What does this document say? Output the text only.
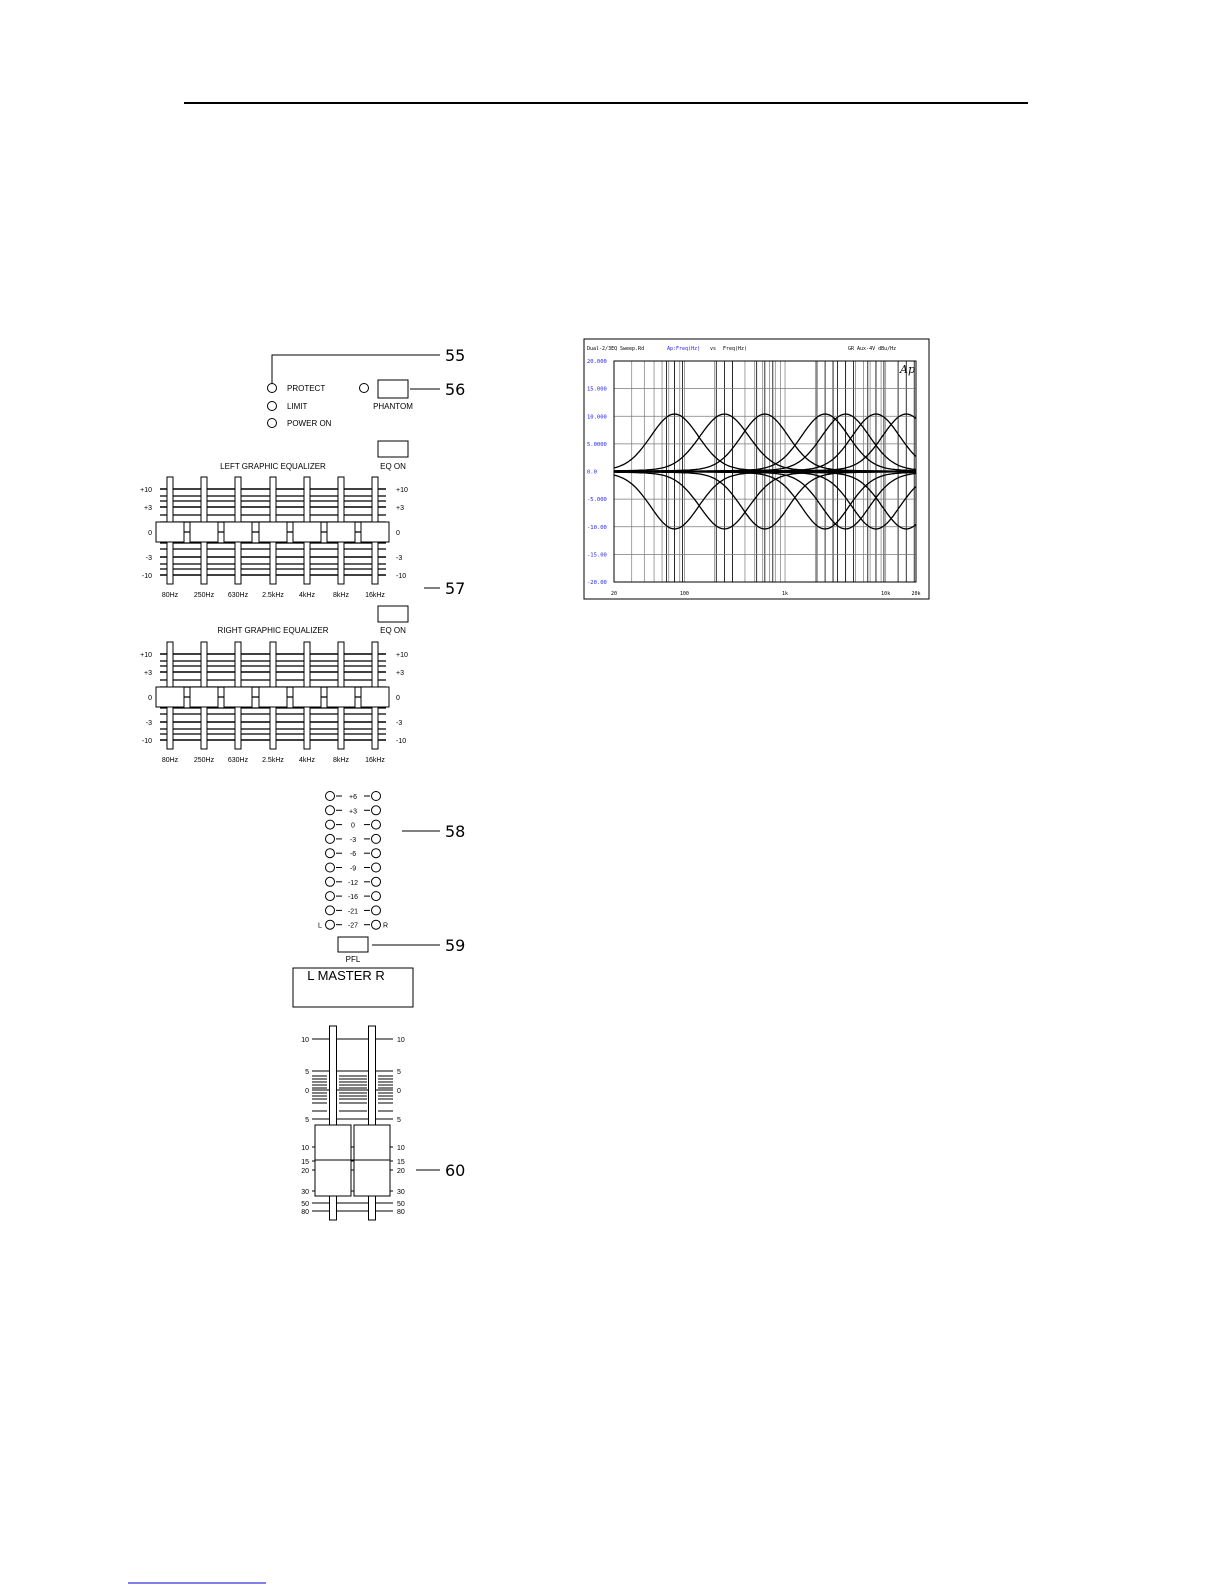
PROTECT
LIMIT
POWER ON
55
PHANTOM
56
EQ ON
LEFT GRAPHIC EQUALIZER
+10	+10
+3	+3
0	0
-3	-3
-10	-10
80Hz 250Hz 630Hz 2.5kHz 4kHz	8kHz 16kHz	57
EQ ON
RIGHT GRAPHIC EQUALIZER
+10	+10
+3	+3
0	0
-3	-3
-10	-10
80Hz 250Hz 630Hz 2.5kHz 4kHz	8kHz 16kHz
+6
+3
0
-3
-6
-9
-12
-16
-21
-27
L	R
58
PFL
59
L MASTER R
10	10
5	5
0	0
5	5
10	10
15	15
20	20
30	30
50	50
80	80
60
Dual-2/3EQ Sweep.Rd	Ap:Freq(Hz) vs Freq(Hz)	GR Aux-4V dBu/Hz
Ap
20.000
15.000
10.000
5.0000
0.0
-5.000
-10.00
-15.00
-20.00
20	100	1k	10k	20k
